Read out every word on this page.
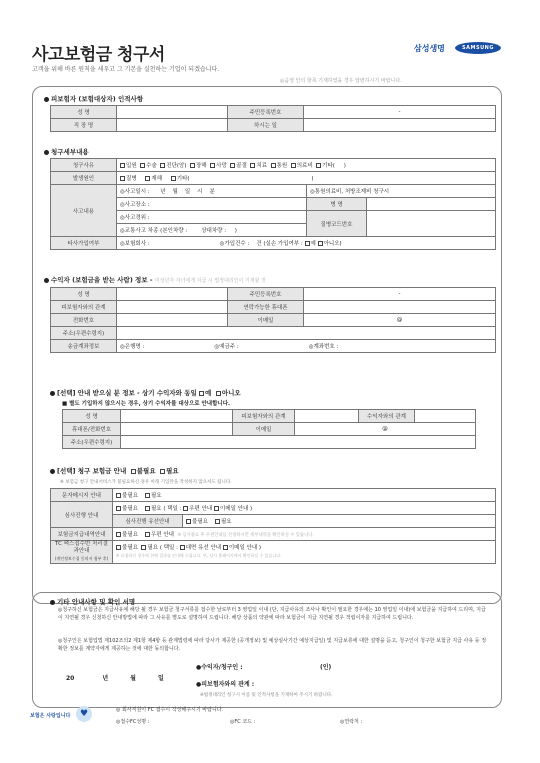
사고보험금 청구서
고객을 위해 바른 원칙을 세우고 그 기본을 실천하는 기업이 되겠습니다.
삼성생명	SAMSUNG
◎음영 안의 항목 기재하였을 경우 답변하시기 바랍니다.
피보험자 (보험대상자) 인적사항
성 명		주민등록번호	-
직 장 명		하시는 일	
청구세부내용
청구사유	입원 수술 진단(암) 장해 사망 골절 치료 통원 의료비 기타( )		
발생원인	질병 재해 기타( )		
사고내용	◎사고일시 : 년 월 일 시 분	◎통원의료비, 처방조제비 청구시	
	◎사고장소 :	병 명	
	◎사고경위 :	질병코드번호	
	◎교통사고 차종 (본인차량 : 상대차량 : )		
타사가입여부	◎보험회사 : ◎가입건수 : 건 (실손 가입여부 : 예 아니오)		
수익자 (보험금을 받는 사람) 정보 - 미성년자 자녀에게 지급 시 법정대리인이 기재할 것
성 명		주민등록번호	-
피보험자와의 관계		연락가능한 휴대폰	
전화번호		이메일	@
주소(우편수령지)			
송금계좌정보	◎은행명 : ◎예금주 : ◎계좌번호 :		
[선택] 안내 받으실 분 정보 - 상기 수익자와 동일 예 아니오
■ 별도 기입하지 않으시는 경우, 상기 수익자를 대상으로 안내합니다.
성 명		피보험자와의 관계		수익자와의 관계	
휴대폰/전화번호		이메일	@		
주소(우편수령지)					
[선택] 청구 보험금 안내 불필요 필요
※ 보험금 청구 안내서비스가 불필요하신 경우 아래 기입란을 작성하지 않으셔도 됩니다.
문자메시지 안내	불필요 필요	
심사진행 안내	불필요 필요 ( 택일 : 우편 안내 이메일 안내 )	
	심사진행 유선안내	불필요 필요
보험금지급내역안내	불필요 우편 안내 ※ 심사종료 후 우편안내를 신청하시면 세부내역을 확인하실 수 있습니다.	
TC 팩스접수번 처리결과안내
(개인정보수집 동의서 첨부 후)	불필요 필요 ( 택일 : 대면 유선 안내 이메일 안내 )
※ 요청하신 경우에 한해 결과를 안내해 드립니다. 단, 당사 홈페이지에서 확인하실 수 있습니다.	
기타 안내사항 및 확인 서명
◎청구하신 보험금은 지급사유에 해당 될 경우 보험금 청구서류를 접수한 날로부터 3 영업일 이내 (단, 지급사유의 조사나 확인이 필요한 경우에는 10 영업일 이내)에 보험금을 지급하여 드리며, 지급이 지연될 경우 신청하신 안내방법에 따라 그 사유를 별도로 설명하여 드립니다. 해당 상품의 약관에 따라 보험금이 지급 지연될 경우 적립이자를 지급하여 드립니다.
◎청구인은 보험업법 제102조의2 제1항 제4항 등 관계법령에 따라 당사가 제공한 (공개정보) 및 예상심사기간 예상지급일) 및 지급보류에 대한 설명을 듣고, 청구인이 청구한 보험금 지급 사유 등 정확한 정보를 계약자에게 제공하는 것에 대한 동의합니다.
20	년	월	일
●수익자/청구인 :	(인)
●피보험자와의 관계 :
※법정대리인 청구시 이름 및 인적사항을 기재하여 주시기 바랍니다.
보험은 사랑입니다	♥	◎ 회사직원이 FC 접수시 작성해주시기 바랍니다.
◎접수FC성명 :	◎FC 코드 :	◎연락처 :
